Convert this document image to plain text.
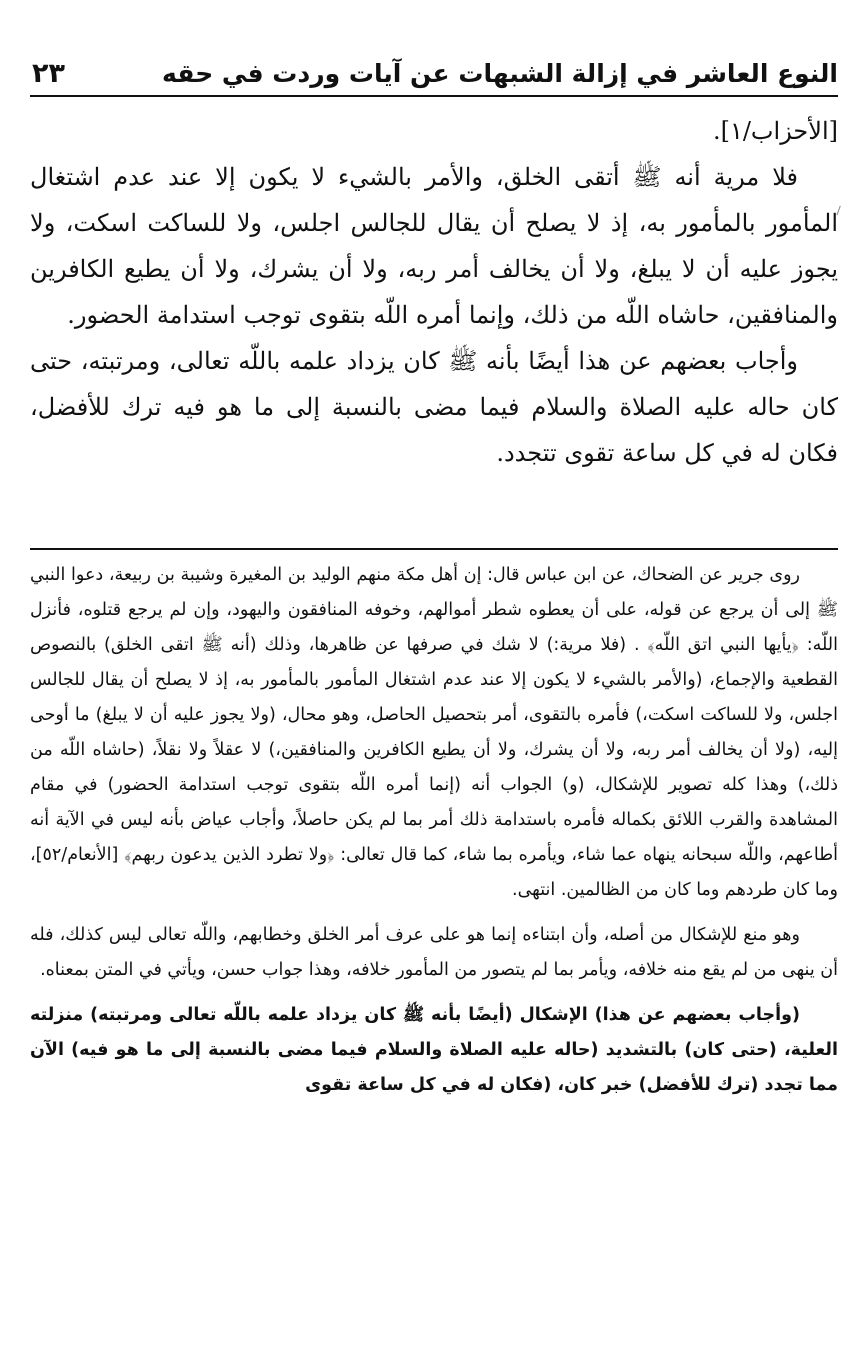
النوع العاشر في إزالة الشبهات عن آيات وردت في حقه
٢٣

[الأحزاب/١].

فلا مرية أنه ﷺ أتقى الخلق، والأمر بالشيء لا يكون إلا عند عدم اشتغال المأمور بالمأمور به، إذ لا يصلح أن يقال للجالس اجلس، ولا للساكت اسكت، ولا يجوز عليه أن لا يبلغ، ولا أن يخالف أمر ربه، ولا أن يشرك، ولا أن يطيع الكافرين والمنافقين، حاشاه اللّه من ذلك، وإنما أمره اللّه بتقوى توجب استدامة الحضور.

وأجاب بعضهم عن هذا أيضًا بأنه ﷺ كان يزداد علمه باللّه تعالى، ومرتبته، حتى كان حاله عليه الصلاة والسلام فيما مضى بالنسبة إلى ما هو فيه ترك للأفضل، فكان له في كل ساعة تقوى تتجدد.

روى جرير عن الضحاك، عن ابن عباس قال: إن أهل مكة منهم الوليد بن المغيرة وشيبة بن ربيعة، دعوا النبي ﷺ إلى أن يرجع عن قوله، على أن يعطوه شطر أموالهم، وخوفه المنافقون واليهود، وإن لم يرجع قتلوه، فأنزل اللّه: ﴿يأيها النبي اتق اللّه﴾ . (فلا مرية:) لا شك في صرفها عن ظاهرها، وذلك (أنه ﷺ اتقى الخلق) بالنصوص القطعية والإجماع، (والأمر بالشيء لا يكون إلا عند عدم اشتغال المأمور بالمأمور به، إذ لا يصلح أن يقال للجالس اجلس، ولا للساكت اسكت،) فأمره بالتقوى، أمر بتحصيل الحاصل، وهو محال، (ولا يجوز عليه أن لا يبلغ) ما أوحى إليه، (ولا أن يخالف أمر ربه، ولا أن يشرك، ولا أن يطيع الكافرين والمنافقين،) لا عقلاً ولا نقلاً، (حاشاه اللّه من ذلك،) وهذا كله تصوير للإشكال، (و) الجواب أنه (إنما أمره اللّه بتقوى توجب استدامة الحضور) في مقام المشاهدة والقرب اللائق بكماله فأمره باستدامة ذلك أمر بما لم يكن حاصلاً، وأجاب عياض بأنه ليس في الآية أنه أطاعهم، واللّه سبحانه ينهاه عما شاء، ويأمره بما شاء، كما قال تعالى: ﴿ولا تطرد الذين يدعون ربهم﴾ [الأنعام/٥٢]، وما كان طردهم وما كان من الظالمين. انتهى.

وهو منع للإشكال من أصله، وأن ابتناءه إنما هو على عرف أمر الخلق وخطابهم، واللّه تعالى ليس كذلك، فله أن ينهى من لم يقع منه خلافه، ويأمر بما لم يتصور من المأمور خلافه، وهذا جواب حسن، ويأتي في المتن بمعناه.

(وأجاب بعضهم عن هذا) الإشكال (أيضًا بأنه ﷺ كان يزداد علمه باللّه تعالى ومرتبته) منزلته العلية، (حتى كان) بالتشديد (حاله عليه الصلاة والسلام فيما مضى بالنسبة إلى ما هو فيه) الآن مما تجدد (ترك للأفضل) خبر كان، (فكان له في كل ساعة تقوى
